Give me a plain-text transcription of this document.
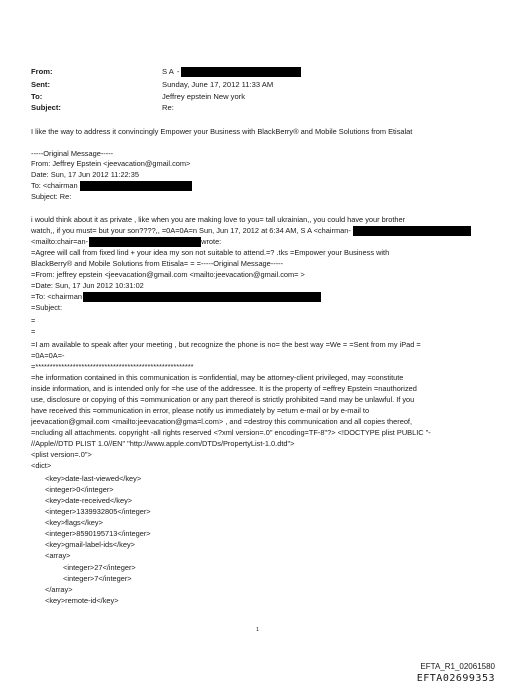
From:	S A -
Sent:	Sunday, June 17, 2012 11:33 AM
To:	Jeffrey epstein New york
Subject:	Re:
I like the way to address it convincingly Empower your Business with BlackBerry® and Mobile Solutions from Etisalat
-----Original Message-----
From: Jeffrey Epstein <jeevacation@gmail.com>
Date: Sun, 17 Jun 2012 11:22:35
To: <chairman
Subject: Re:
i would think about it as private , like when you are making love to you= tall ukrainian,, you could have your brother
watch,, if you must= but your son????,, =0A=0A=n Sun, Jun 17, 2012 at 6:34 AM, S A <chairman-
<mailto:chair=an-	wrote:
=Agree will call from fixed lind + your idea my son not suitable to attend.=? .tks =Empower your Business with
BlackBerry® and Mobile Solutions from Etisala= = =-----Original Message-----
=From: jeffrey epstein <jeevacation@gmail.com <mailto:jeevacation@gmail.com= >
=Date: Sun, 17 Jun 2012 10:31:02
=To: <chairman
=Subject:
=
=
=I am available to speak after your meeting , but recognize the phone is no= the best way =We = =Sent from my iPad =
=0A=0A=-
=*******************************************************
=he information contained in this communication is =onfidential, may be attorney-client privileged, may =constitute
inside information, and is intended only for =he use of the addressee. It is the property of =effrey Epstein =nauthorized
use, disclosure or copying of this =ommunication or any part thereof is strictly prohibited =and may be unlawful. If you
have received this =ommunication in error, please notify us immediately by =eturn e-mail or by e-mail to
jeevacation@gmail.com <mailto:jeevacation@gma=l.com> , and =destroy this communication and all copies thereof,
=ncluding all attachments. copyright -all rights reserved <?xml version=.0" encoding=TF-8"?> <!DOCTYPE plist PUBLIC "-
//Apple//DTD PLIST 1.0//EN" "http://www.apple.com/DTDs/PropertyList-1.0.dtd">
<plist version=.0">
<dict>
<key>date-last-viewed</key>
<integer>0</integer>
<key>date-received</key>
<integer>1339932805</integer>
<key>flags</key>
<integer>8590195713</integer>
<key>gmail-label-ids</key>
<array>
<integer>27</integer>
<integer>7</integer>
</array>
<key>remote-id</key>
1
EFTA_R1_02061580
EFTA02699353
